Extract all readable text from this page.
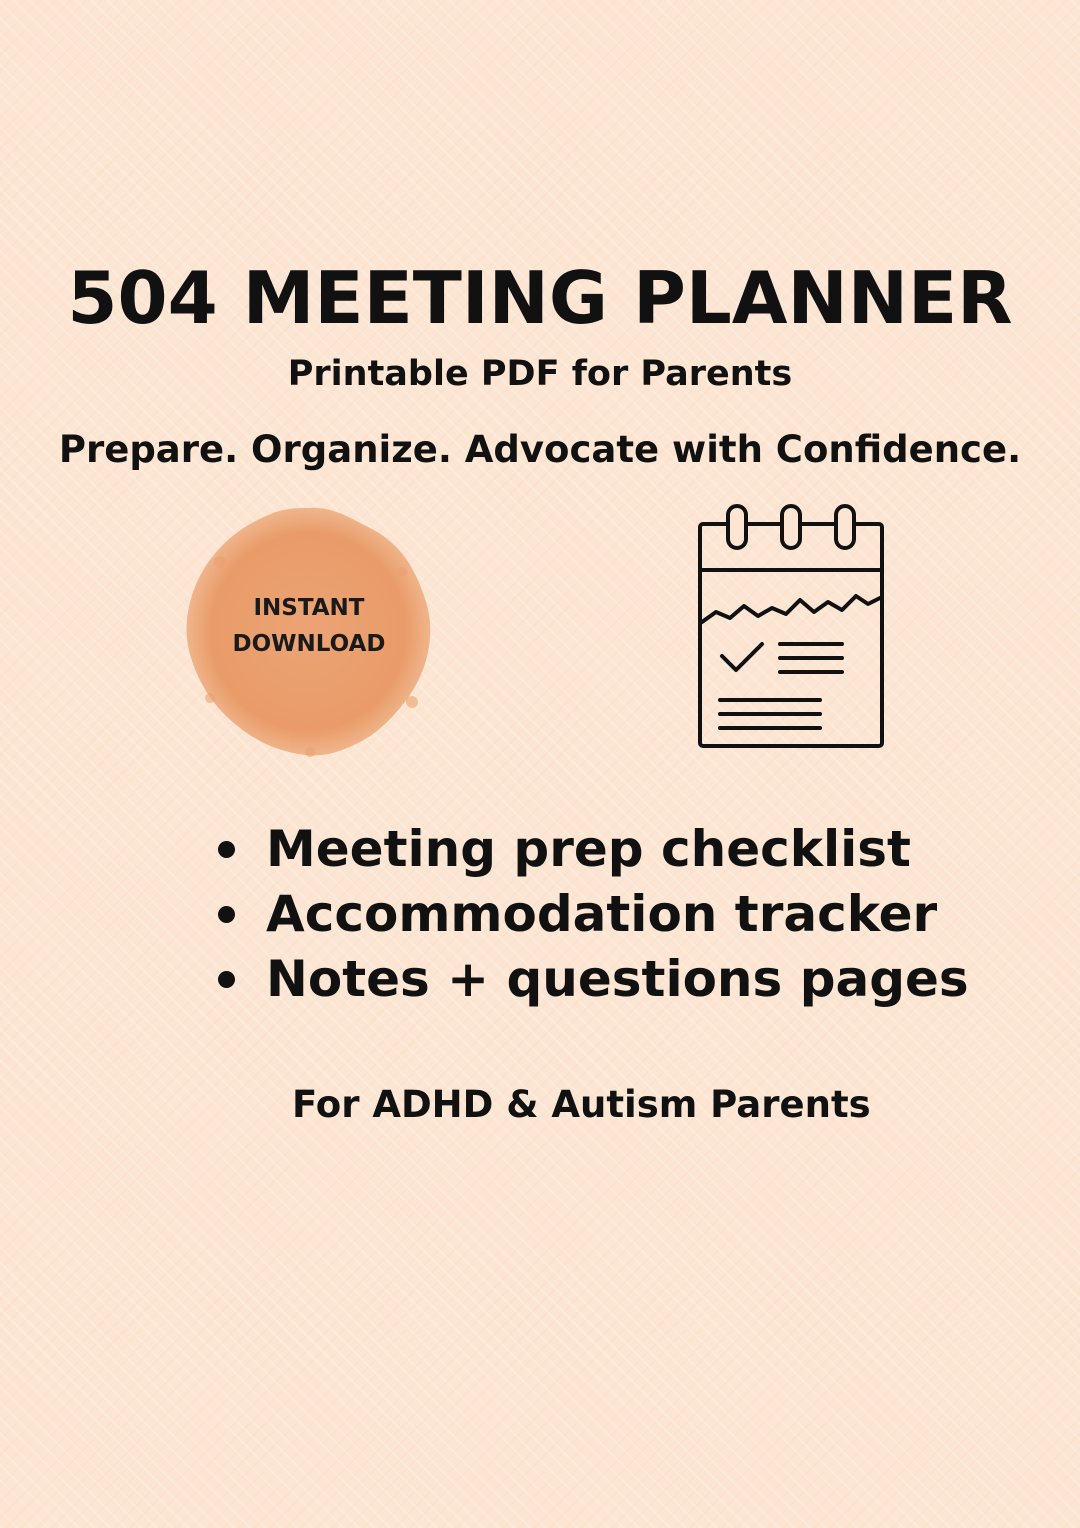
504 MEETING PLANNER
Printable PDF for Parents
Prepare. Organize. Advocate with Confidence.
INSTANT
DOWNLOAD
Meeting prep checklist
Accommodation tracker
Notes + questions pages
For ADHD & Autism Parents
